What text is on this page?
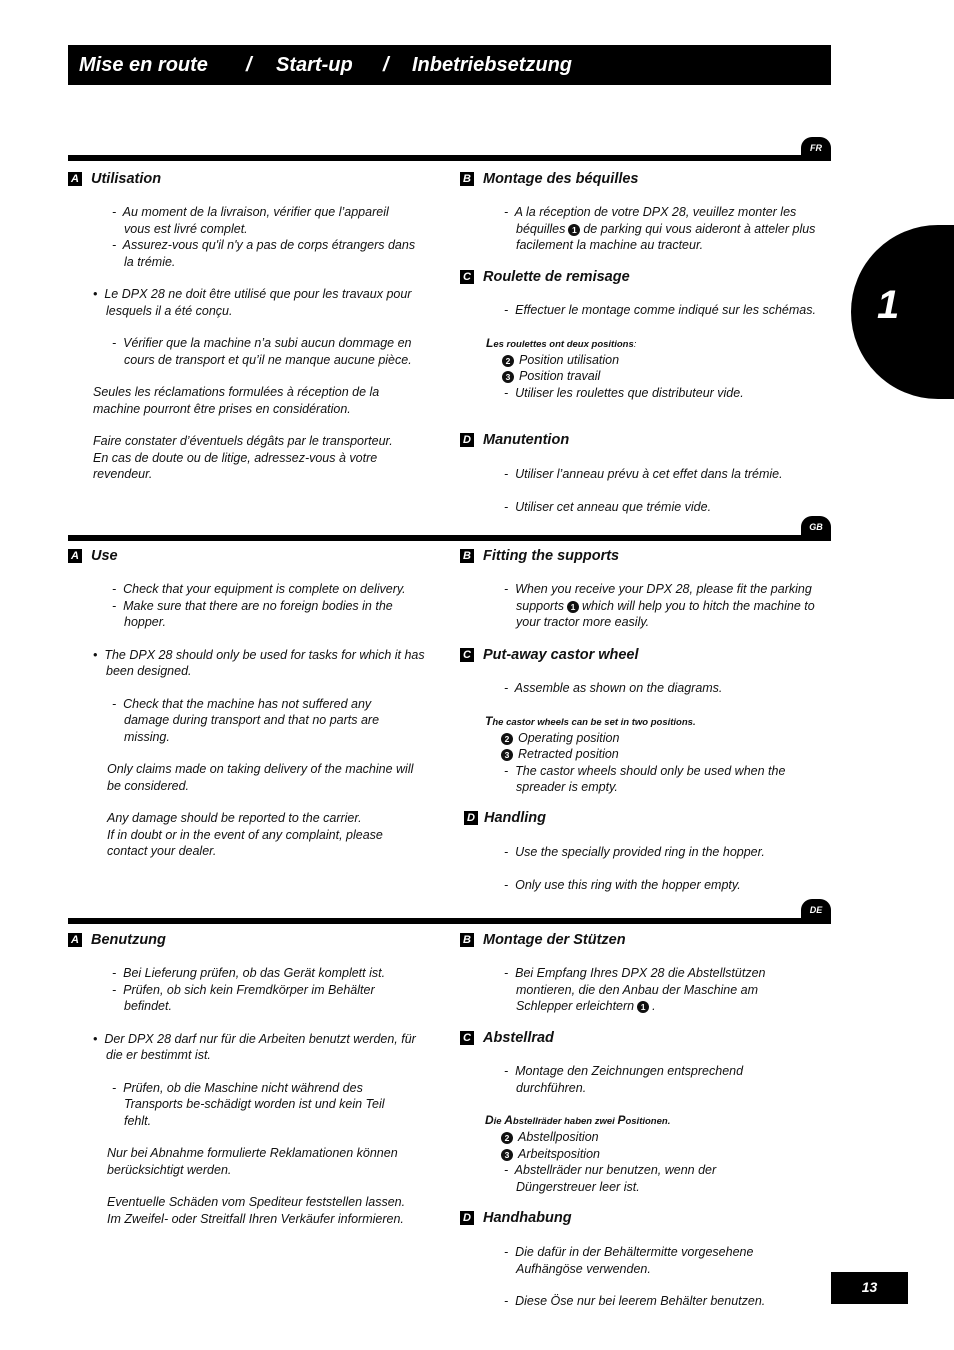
Mise en route / Start-up / Inbetriebsetzung
1
FR
A Utilisation
-  Au moment de la livraison, vérifier que l’appareil vous est livré complet.
-  Assurez-vous qu'il n'y a pas de corps étrangers dans la trémie.
•  Le DPX 28 ne doit être utilisé que pour les travaux pour lesquels il a été conçu.
-  Vérifier que la machine n’a subi aucun dommage en cours de transport et qu’il ne manque aucune pièce.
Seules les réclamations formulées à réception de la machine pourront être prises en considération.
Faire constater d’éventuels dégâts par le transporteur.
En cas de doute ou de litige, adressez-vous à votre revendeur.
B Montage des béquilles
-  A la réception de votre DPX 28, veuillez monter les béquilles 1 de parking qui vous aideront à atteler plus facilement la machine au tracteur.
C Roulette de remisage
-  Effectuer le montage comme indiqué sur les schémas.
Les roulettes ont deux positions:
2 Position utilisation
3 Position travail
-  Utiliser les roulettes que distributeur vide.
D Manutention
-  Utiliser l’anneau prévu à cet effet dans la trémie.
-  Utiliser cet anneau que trémie vide.
GB
A Use
-  Check that your equipment is complete on delivery.
-  Make sure that there are no foreign bodies in the hopper.
•  The DPX 28 should only be used for tasks for which it has been designed.
-  Check that the machine has not suffered any damage during transport and that no parts are missing.
Only claims made on taking delivery of the machine will be considered.
Any damage should be reported to the carrier.
If in doubt or in the event of any complaint, please contact your dealer.
B Fitting the supports
-  When you receive your DPX 28, please fit the parking supports 1 which will help you to hitch the machine to your tractor more easily.
C Put-away castor wheel
-  Assemble as shown on the diagrams.
The castor wheels can be set in two positions.
2 Operating position
3 Retracted position
-  The castor wheels should only be used when the spreader is empty.
D Handling
-  Use the specially provided ring in the hopper.
-  Only use this ring with the hopper empty.
DE
A Benutzung
-  Bei Lieferung prüfen, ob das Gerät komplett ist.
-  Prüfen, ob sich kein Fremdkörper im Behälter befindet.
•  Der DPX 28 darf nur für die Arbeiten benutzt werden, für die er bestimmt ist.
-  Prüfen, ob die Maschine nicht während des Transports be-schädigt worden ist und kein Teil fehlt.
Nur bei Abnahme formulierte Reklamationen können berücksichtigt werden.
Eventuelle Schäden vom Spediteur feststellen lassen.
Im Zweifel- oder Streitfall Ihren Verkäufer informieren.
B Montage der Stützen
-  Bei Empfang Ihres DPX 28 die Abstellstützen montieren, die den Anbau der Maschine am Schlepper erleichtern 1 .
C Abstellrad
-  Montage den Zeichnungen entsprechend durchführen.
Die Abstellräder haben zwei Positionen.
2 Abstellposition
3 Arbeitsposition
-  Abstellräder nur benutzen, wenn der Düngerstreuer leer ist.
D Handhabung
-  Die dafür in der Behältermitte vorgesehene Aufhängöse verwenden.
-  Diese Öse nur bei leerem Behälter benutzen.
13
